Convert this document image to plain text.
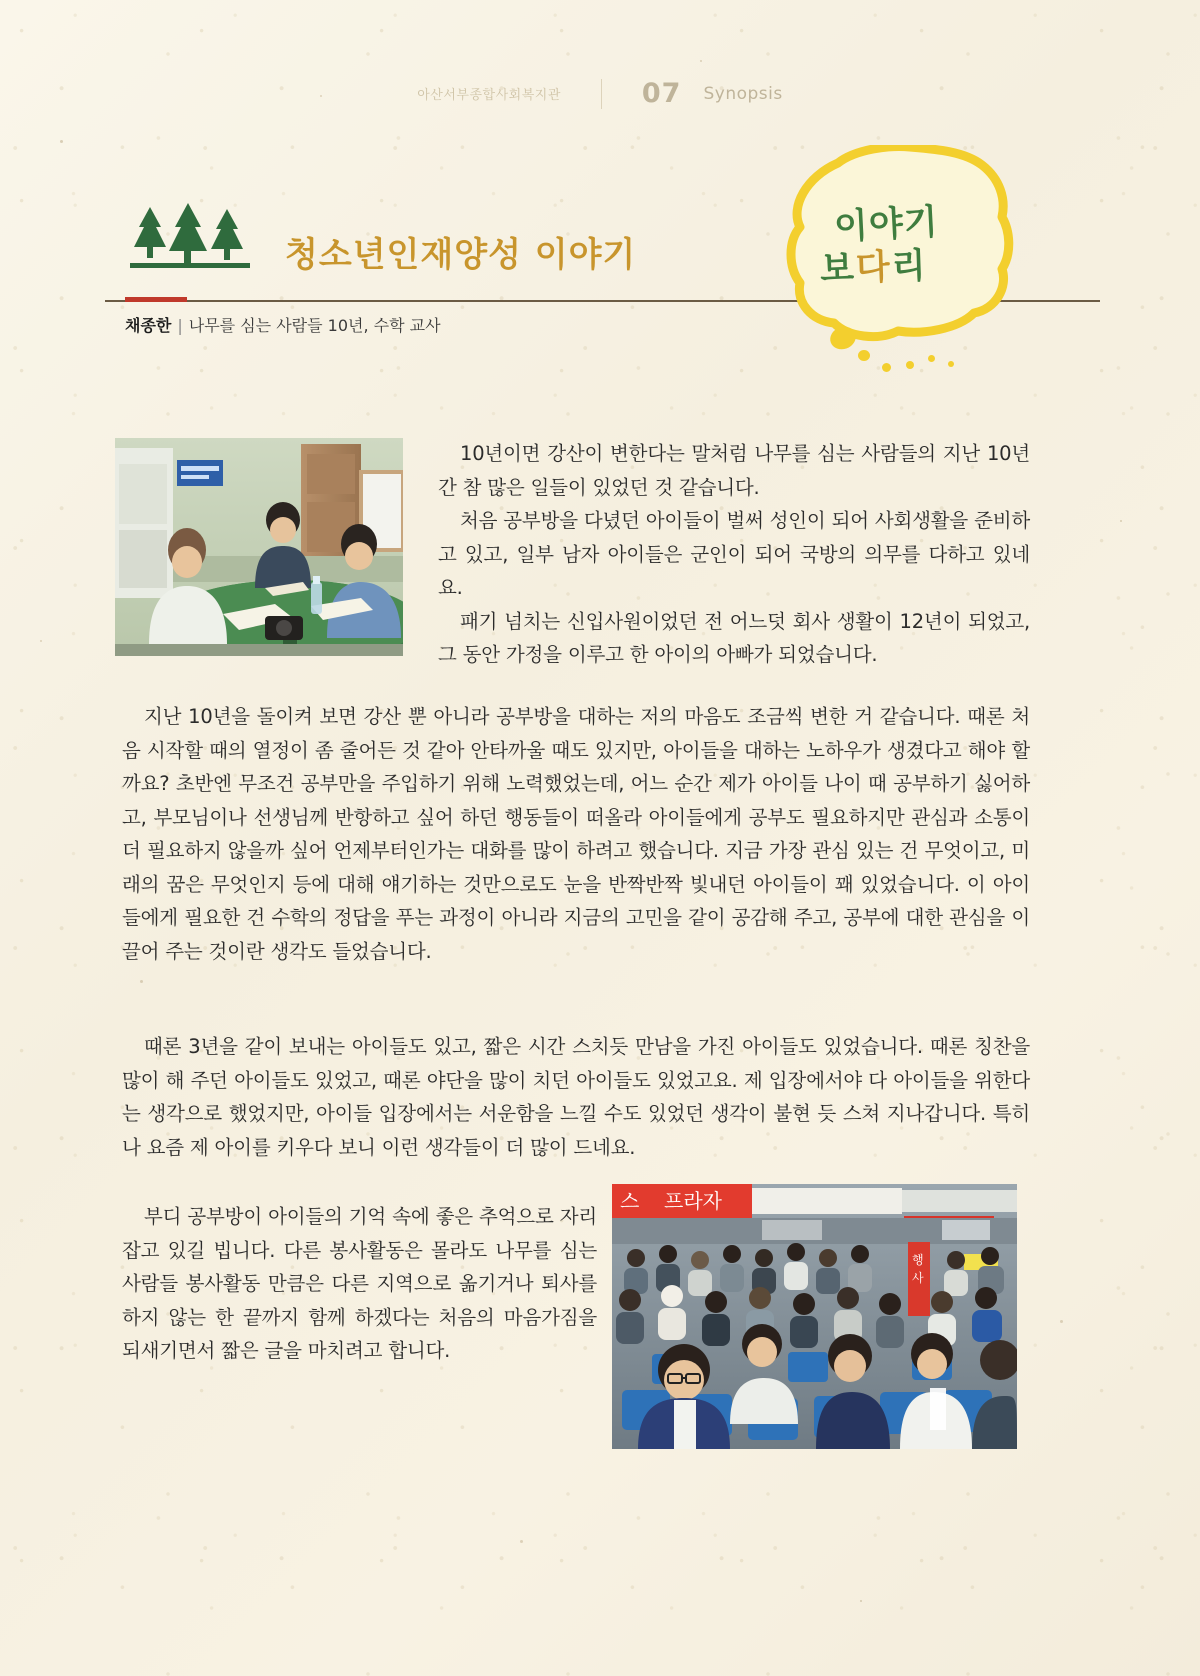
아산서부종합사회복지관	07 Synopsis
청소년인재양성 이야기
채종한 | 나무를 심는 사람들 10년, 수학 교사
이야기
보다리
스 프라자
행
사

10년이면 강산이 변한다는 말처럼 나무를 심는 사람들의 지난 10년간 참 많은 일들이 있었던 것 같습니다.

처음 공부방을 다녔던 아이들이 벌써 성인이 되어 사회생활을 준비하고 있고, 일부 남자 아이들은 군인이 되어 국방의 의무를 다하고 있네요.

패기 넘치는 신입사원이었던 전 어느덧 회사 생활이 12년이 되었고, 그 동안 가정을 이루고 한 아이의 아빠가 되었습니다.

지난 10년을 돌이켜 보면 강산 뿐 아니라 공부방을 대하는 저의 마음도 조금씩 변한 거 같습니다. 때론 처음 시작할 때의 열정이 좀 줄어든 것 같아 안타까울 때도 있지만, 아이들을 대하는 노하우가 생겼다고 해야 할까요? 초반엔 무조건 공부만을 주입하기 위해 노력했었는데, 어느 순간 제가 아이들 나이 때 공부하기 싫어하고, 부모님이나 선생님께 반항하고 싶어 하던 행동들이 떠올라 아이들에게 공부도 필요하지만 관심과 소통이 더 필요하지 않을까 싶어 언제부터인가는 대화를 많이 하려고 했습니다. 지금 가장 관심 있는 건 무엇이고, 미래의 꿈은 무엇인지 등에 대해 얘기하는 것만으로도 눈을 반짝반짝 빛내던 아이들이 꽤 있었습니다. 이 아이들에게 필요한 건 수학의 정답을 푸는 과정이 아니라 지금의 고민을 같이 공감해 주고, 공부에 대한 관심을 이끌어 주는 것이란 생각도 들었습니다.
때론 3년을 같이 보내는 아이들도 있고, 짧은 시간 스치듯 만남을 가진 아이들도 있었습니다. 때론 칭찬을 많이 해 주던 아이들도 있었고, 때론 야단을 많이 치던 아이들도 있었고요. 제 입장에서야 다 아이들을 위한다는 생각으로 했었지만, 아이들 입장에서는 서운함을 느낄 수도 있었던 생각이 불현 듯 스쳐 지나갑니다. 특히나 요즘 제 아이를 키우다 보니 이런 생각들이 더 많이 드네요.
부디 공부방이 아이들의 기억 속에 좋은 추억으로 자리 잡고 있길 빕니다. 다른 봉사활동은 몰라도 나무를 심는 사람들 봉사활동 만큼은 다른 지역으로 옮기거나 퇴사를 하지 않는 한 끝까지 함께 하겠다는 처음의 마음가짐을 되새기면서 짧은 글을 마치려고 합니다.
